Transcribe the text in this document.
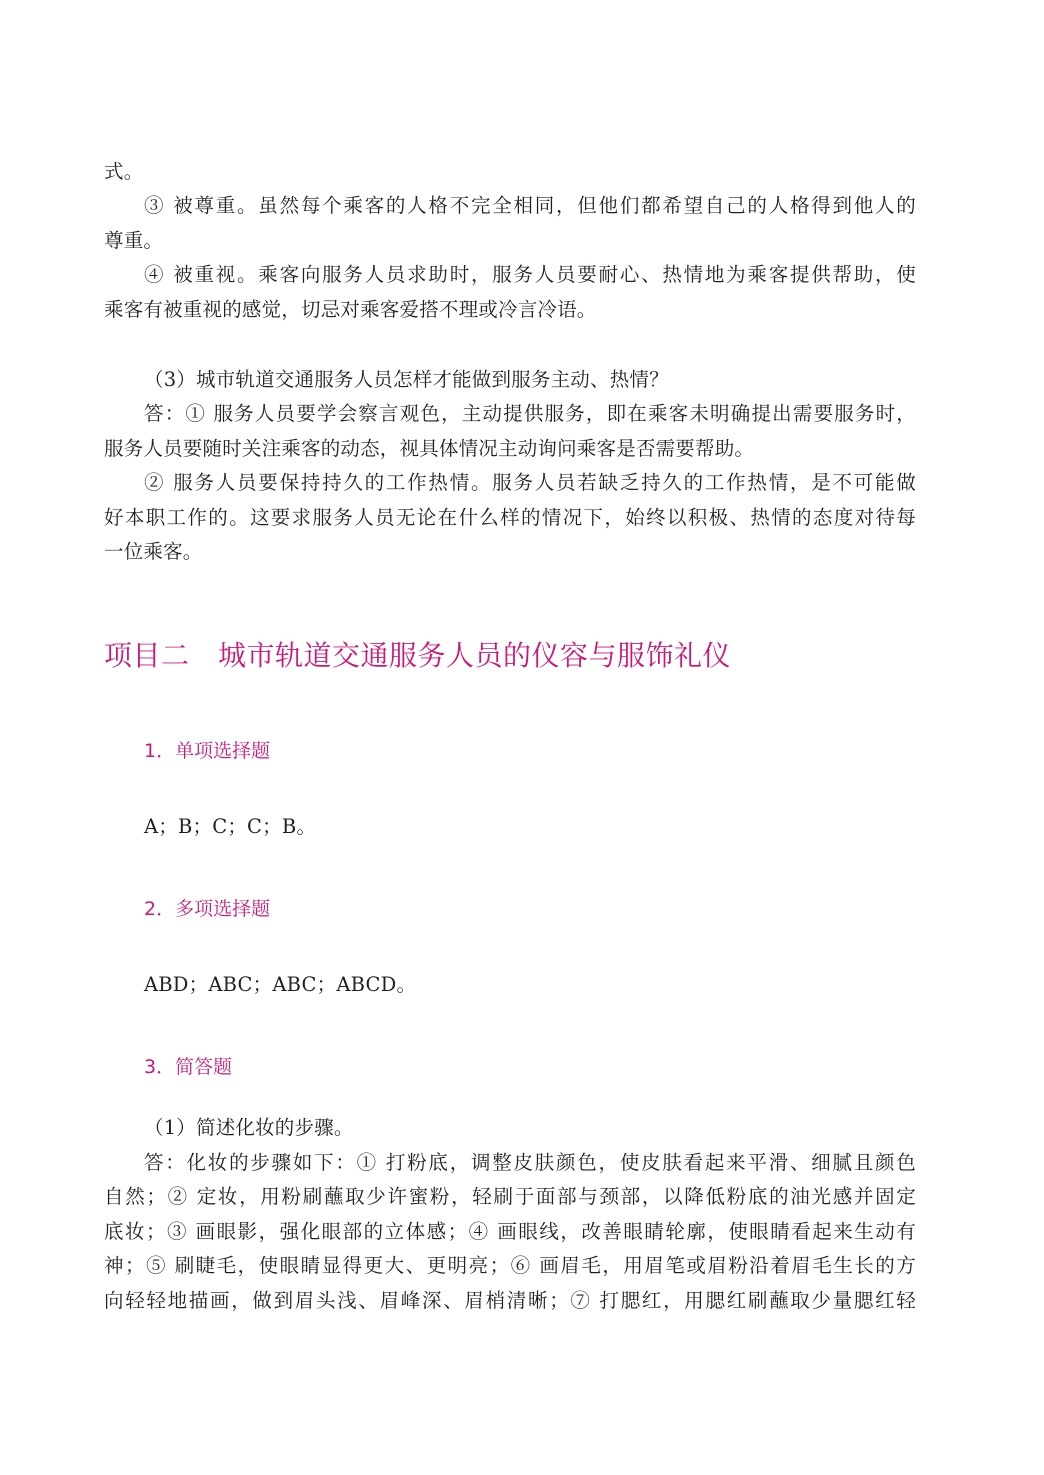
式。
③ 被尊重。虽然每个乘客的人格不完全相同，但他们都希望自己的人格得到他人的
尊重。
④ 被重视。乘客向服务人员求助时，服务人员要耐心、热情地为乘客提供帮助，使
乘客有被重视的感觉，切忌对乘客爱搭不理或冷言冷语。
（3）城市轨道交通服务人员怎样才能做到服务主动、热情？
答：① 服务人员要学会察言观色，主动提供服务，即在乘客未明确提出需要服务时，
服务人员要随时关注乘客的动态，视具体情况主动询问乘客是否需要帮助。
② 服务人员要保持持久的工作热情。服务人员若缺乏持久的工作热情，是不可能做
好本职工作的。这要求服务人员无论在什么样的情况下，始终以积极、热情的态度对待每
一位乘客。
项目二　城市轨道交通服务人员的仪容与服饰礼仪
1．单项选择题
A；B；C；C；B。
2．多项选择题
ABD；ABC；ABC；ABCD。
3．简答题
（1）简述化妆的步骤。
答：化妆的步骤如下：① 打粉底，调整皮肤颜色，使皮肤看起来平滑、细腻且颜色
自然；② 定妆，用粉刷蘸取少许蜜粉，轻刷于面部与颈部，以降低粉底的油光感并固定
底妆；③ 画眼影，强化眼部的立体感；④ 画眼线，改善眼睛轮廓，使眼睛看起来生动有
神；⑤ 刷睫毛，使眼睛显得更大、更明亮；⑥ 画眉毛，用眉笔或眉粉沿着眉毛生长的方
向轻轻地描画，做到眉头浅、眉峰深、眉梢清晰；⑦ 打腮红，用腮红刷蘸取少量腮红轻
